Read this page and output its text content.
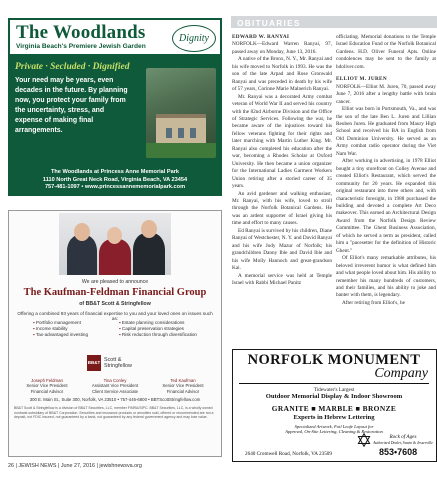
The Woodlands
Virginia Beach's Premiere Jewish Garden
Dignity
Private · Secluded · Dignified
Your need may be years, even decades in the future. By planning now, you protect your family from the uncertainty, stress, and expense of making final arrangements.
The Woodlands at Princess Anne Memorial Park
1110 North Great Neck Road, Virginia Beach, VA 23454
757-481-1097 • www.princessannememorialpark.com
We are pleased to announce
The Kaufman-Feldman Financial Group
of BB&T Scott & Stringfellow
Offering a combined 93 years of financial expertise to you and your loved ones on issues such as:
▪ Portfolio management
▪ Income stability
▪ Tax-advantaged investing
▪ Estate planning considerations
▪ Capital preservation strategies
▪ Risk reduction through diversification
BB&T Scott &
Stringfellow
Joseph Feldman
Senior Vice President
Financial Advisor
Tina Conley
Assistant Vice President
Client Service Associate
Ted Kaufman
Senior Vice President
Financial Advisor
300 E. Main St., Suite 300, Norfolk, VA 23510 • 757-446-6800 • BBTScottStringfellow.com
BB&T Scott & Stringfellow is a division of BB&T Securities, LLC, member FINRA/SIPC. BB&T Securities, LLC, is a wholly owned nonbank subsidiary of BB&T Corporation. Securities and insurance products or annuities sold, offered or recommended are not a deposit, not FDIC insured, not guaranteed by a bank, not guaranteed by any federal government agency and may lose value.
26 | JEWISH NEWS | June 27, 2016 | jewishnewsva.org
OBITUARIES

EDWARD W. RANYAI

NORFOLK—Edward Warren Ranyai, 97, passed away on Monday, June 13, 2016.

A native of the Bronx, N. Y., Mr. Ranyai and his wife moved to Norfolk in 1993. He was the son of the late Arpad and Rose Gronwald Ranyai and was preceded in death by his wife of 57 years, Corinne Marie Malnerich Ranyai.

Mr. Ranyai was a decorated Army combat veteran of World War II and served his country with the 82nd Airborne Division and the Office of Strategic Services. Following the war, he became aware of the injustices toward his fellow veterans fighting for their rights and later marching with Martin Luther King. Mr. Ranyai also completed his education after the war, becoming a Rhodes Scholar at Oxford University. He then became a union organizer for the International Ladies Garment Workers Union retiring after a storied career of 35 years.

An avid gardener and walking enthusiast, Mr. Ranyai, with his wife, loved to stroll through the Norfolk Botanical Gardens. He was an ardent supporter of Israel giving his time and effort to many causes.

Ed Ranyai is survived by his children, Diane Ranyai of Westchester, N. Y. and David Ranyai and his wife Jody Mazur of Norfolk; his grandchildren Danny Ible and David Ible and his wife Molly Hannoch and great-grandson Kai.

A memorial service was held at Temple Israel with Rabbi Michael Panitz

officiating. Memorial donations to the Temple Israel Education Fund or the Norfolk Botanical Gardens. H.D. Oliver Funeral Apts. Online condolences may be sent to the family at hdoliver.com.

ELLIOT M. JUREN

NORFOLK—Elliot M. Juren, 70, passed away June 7, 2016 after a lengthy battle with brain cancer.

Elliot was born in Portsmouth, Va., and was the son of the late Ben L. Juren and Lillian Reuben Juren. He graduated from Maury High School and received his BA in English from Old Dominion University. He served as an Army combat radio operator during the Viet Nam War.

After working in advertising, in 1978 Elliot bought a tiny storefront on Colley Avenue and created Elliot's Restaurant, which served the community for 20 years. He expanded this original restaurant into three others and, with characteristic foresight, in 1988 purchased the building and devoted a complete Art Deco makeover. This earned an Architectural Design Award from the Norfolk Design Review Committee. The Ghent Business Association, of which he served a term as president, called him a "pacesetter for the definition of Historic Ghent."

Of Elliot's many remarkable attributes, his beloved irreverent humor is what defined him and what people loved about him. His ability to remember his many hundreds of customers, and their families, and his ability to joke and banter with them, is legendary.

After retiring from Elliot's, he

NORFOLK MONUMENT
Company
Tidewater's Largest
Outdoor Memorial Display & Indoor Showroom
GRANITE ■ MARBLE ■ BRONZE
Experts in Hebrew Lettering
Specialized Artwork, Foil Leafe Layout for
Approval, On-Site Lettering, Cleaning & Restoration
Rock of Ages
Authorized Dealer, Swain & Jesserville
2640 Cromwell Road, Norfolk, VA 23509	853•7608
